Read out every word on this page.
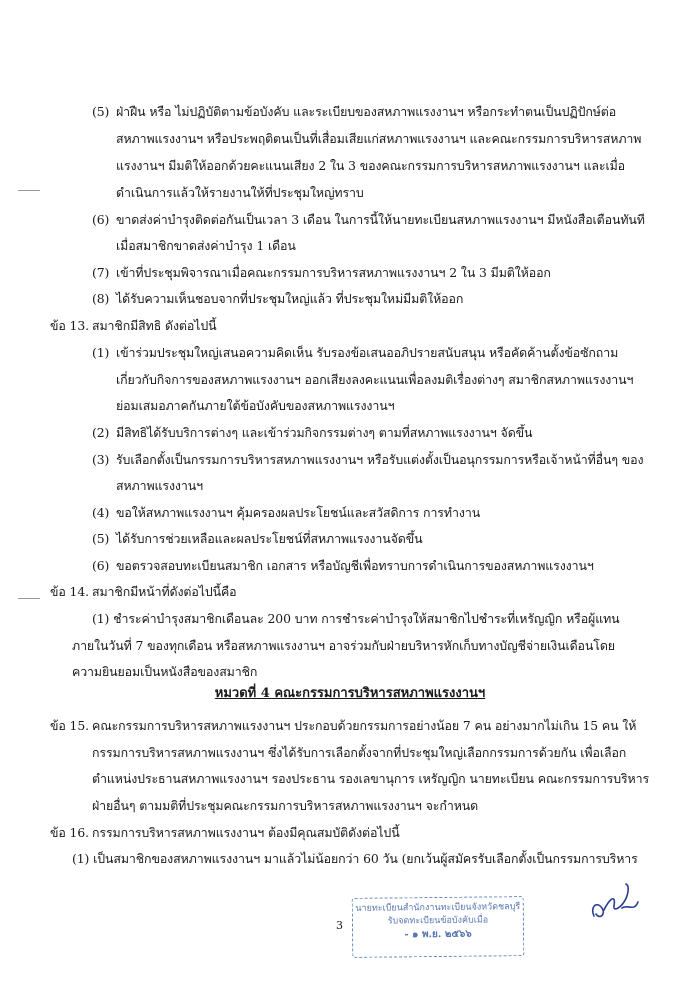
(5) ฝ่าฝืน หรือ ไม่ปฏิบัติตามข้อบังคับ และระเบียบของสหภาพแรงงานฯ หรือกระทำตนเป็นปฏิปักษ์ต่อ
สหภาพแรงงานฯ หรือประพฤติตนเป็นที่เสื่อมเสียแก่สหภาพแรงงานฯ และคณะกรรมการบริหารสหภาพ
แรงงานฯ มีมติให้ออกด้วยคะแนนเสียง 2 ใน 3 ของคณะกรรมการบริหารสหภาพแรงงานฯ และเมื่อ
ดำเนินการแล้วให้รายงานให้ที่ประชุมใหญ่ทราบ
(6) ขาดส่งค่าบำรุงติดต่อกันเป็นเวลา 3 เดือน ในการนี้ให้นายทะเบียนสหภาพแรงงานฯ มีหนังสือเตือนทันที
เมื่อสมาชิกขาดส่งค่าบำรุง 1 เดือน
(7) เข้าที่ประชุมพิจารณาเมื่อคณะกรรมการบริหารสหภาพแรงงานฯ 2 ใน 3 มีมติให้ออก
(8) ได้รับความเห็นชอบจากที่ประชุมใหญ่แล้ว ที่ประชุมใหม่มีมติให้ออก
ข้อ 13. สมาชิกมีสิทธิ ดังต่อไปนี้
(1) เข้าร่วมประชุมใหญ่เสนอความคิดเห็น รับรองข้อเสนออภิปรายสนับสนุน หรือคัดค้านตั้งข้อซักถาม
เกี่ยวกับกิจการของสหภาพแรงงานฯ ออกเสียงลงคะแนนเพื่อลงมติเรื่องต่างๆ สมาชิกสหภาพแรงงานฯ
ย่อมเสมอภาคกันภายใต้ข้อบังคับของสหภาพแรงงานฯ
(2) มีสิทธิได้รับบริการต่างๆ และเข้าร่วมกิจกรรมต่างๆ ตามที่สหภาพแรงงานฯ จัดขึ้น
(3) รับเลือกตั้งเป็นกรรมการบริหารสหภาพแรงงานฯ หรือรับแต่งตั้งเป็นอนุกรรมการหรือเจ้าหน้าที่อื่นๆ ของ
สหภาพแรงงานฯ
(4) ขอให้สหภาพแรงงานฯ คุ้มครองผลประโยชน์และสวัสดิการ การทำงาน
(5) ได้รับการช่วยเหลือและผลประโยชน์ที่สหภาพแรงงานจัดขึ้น
(6) ขอตรวจสอบทะเบียนสมาชิก เอกสาร หรือบัญชีเพื่อทราบการดำเนินการของสหภาพแรงงานฯ
ข้อ 14. สมาชิกมีหน้าที่ดังต่อไปนี้คือ
(1) ชำระค่าบำรุงสมาชิกเดือนละ 200 บาท การชำระค่าบำรุงให้สมาชิกไปชำระที่เหรัญญิก หรือผู้แทน
ภายในวันที่ 7 ของทุกเดือน หรือสหภาพแรงงานฯ อาจร่วมกับฝ่ายบริหารหักเก็บทางบัญชีจ่ายเงินเดือนโดย
ความยินยอมเป็นหนังสือของสมาชิก
หมวดที่ 4 คณะกรรมการบริหารสหภาพแรงงานฯ
ข้อ 15. คณะกรรมการบริหารสหภาพแรงงานฯ ประกอบด้วยกรรมการอย่างน้อย 7 คน อย่างมากไม่เกิน 15 คน ให้
กรรมการบริหารสหภาพแรงงานฯ ซึ่งได้รับการเลือกตั้งจากที่ประชุมใหญ่เลือกกรรมการด้วยกัน เพื่อเลือก
ตำแหน่งประธานสหภาพแรงงานฯ รองประธาน รองเลขานุการ เหรัญญิก นายทะเบียน คณะกรรมการบริหาร
ฝ่ายอื่นๆ ตามมติที่ประชุมคณะกรรมการบริหารสหภาพแรงงานฯ จะกำหนด
ข้อ 16. กรรมการบริหารสหภาพแรงงานฯ ต้องมีคุณสมบัติดังต่อไปนี้
(1) เป็นสมาชิกของสหภาพแรงงานฯ มาแล้วไม่น้อยกว่า 60 วัน (ยกเว้นผู้สมัครรับเลือกตั้งเป็นกรรมการบริหาร
3
นายทะเบียนสำนักงานทะเบียนจังหวัดชลบุรี
รับจดทะเบียนข้อบังคับเมื่อ
- ๑ พ.ย. ๒๕๖๖
